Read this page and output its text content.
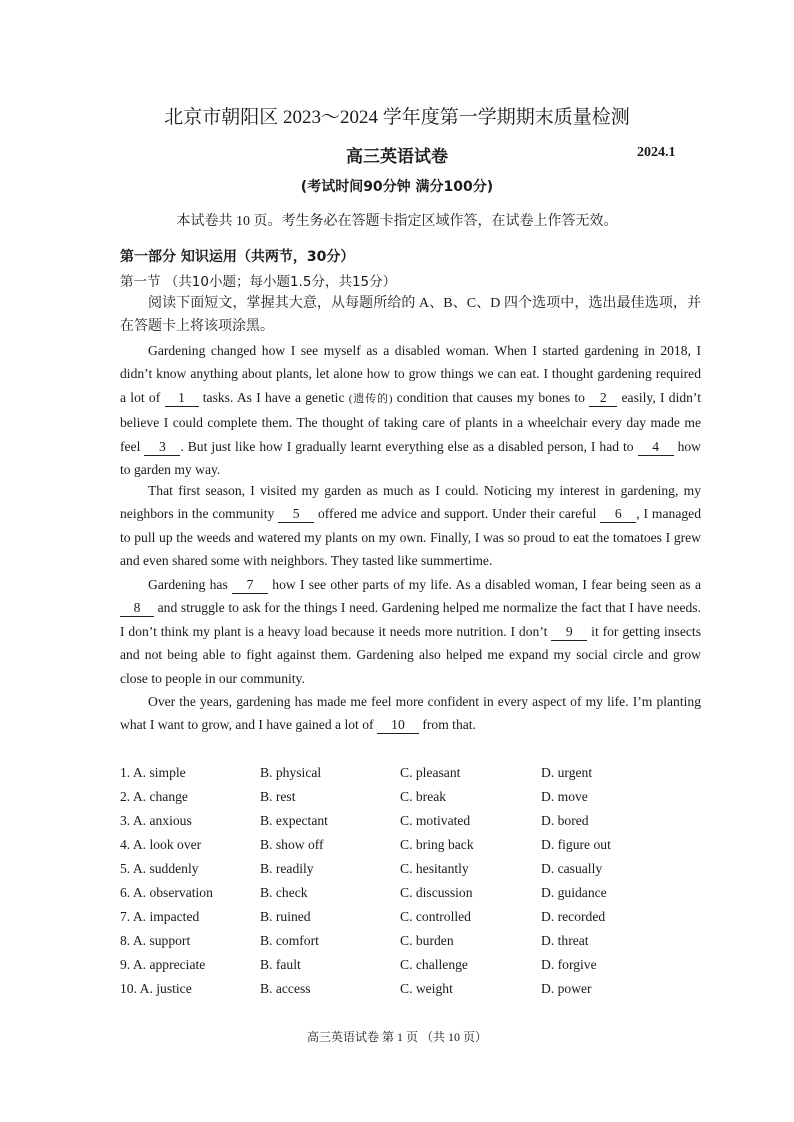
北京市朝阳区 2023～2024 学年度第一学期期末质量检测
高三英语试卷	2024.1
(考试时间90分钟 满分100分)
本试卷共 10 页。考生务必在答题卡指定区域作答，在试卷上作答无效。
第一部分 知识运用（共两节，30分）
第一节 （共10小题；每小题1.5分，共15分）

阅读下面短文，掌握其大意，从每题所给的 A、B、C、D 四个选项中，选出最佳选项，并在答题卡上将该项涂黑。

Gardening changed how I see myself as a disabled woman. When I started gardening in 2018, I didn’t know anything about plants, let alone how to grow things we can eat. I thought gardening required a lot of 1 tasks. As I have a genetic (遗传的) condition that causes my bones to 2 easily, I didn’t believe I could complete them. The thought of taking care of plants in a wheelchair every day made me feel 3 . But just like how I gradually learnt everything else as a disabled person, I had to 4 how to garden my way.

That first season, I visited my garden as much as I could. Noticing my interest in gardening, my neighbors in the community 5 offered me advice and support. Under their careful 6 , I managed to pull up the weeds and watered my plants on my own. Finally, I was so proud to eat the tomatoes I grew and even shared some with neighbors. They tasted like summertime.

Gardening has 7 how I see other parts of my life. As a disabled woman, I fear being seen as a 8 and struggle to ask for the things I need. Gardening helped me normalize the fact that I have needs. I don’t think my plant is a heavy load because it needs more nutrition. I don’t 9 it for getting insects and not being able to fight against them. Gardening also helped me expand my social circle and grow close to people in our community.

Over the years, gardening has made me feel more confident in every aspect of my life. I’m planting what I want to grow, and I have gained a lot of 10 from that.

1. A. simple	B. physical	C. pleasant	D. urgent
2. A. change	B. rest	C. break	D. move
3. A. anxious	B. expectant	C. motivated	D. bored
4. A. look over	B. show off	C. bring back	D. figure out
5. A. suddenly	B. readily	C. hesitantly	D. casually
6. A. observation	B. check	C. discussion	D. guidance
7. A. impacted	B. ruined	C. controlled	D. recorded
8. A. support	B. comfort	C. burden	D. threat
9. A. appreciate	B. fault	C. challenge	D. forgive
10. A. justice	B. access	C. weight	D. power
高三英语试卷 第 1 页 （共 10 页）
